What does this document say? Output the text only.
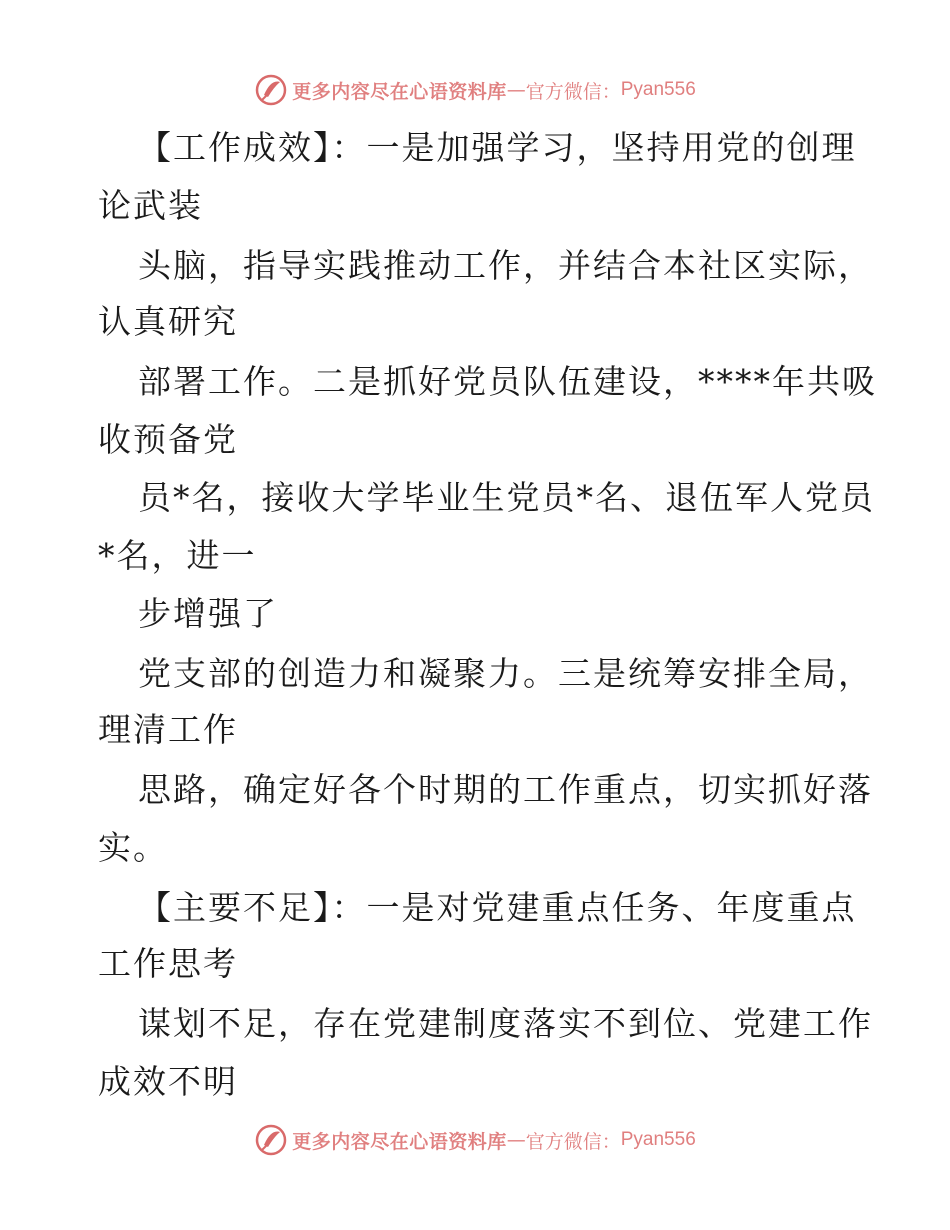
更多内容尽在心语资料库 — 官方微信： Pyan556
【工作成效】：一是加强学习，坚持用党的创理
论武装
头脑，指导实践推动工作，并结合本社区实际，
认真研究
部署工作。二是抓好党员队伍建设，****年共吸
收预备党
员*名，接收大学毕业生党员*名、退伍军人党员
*名，进一
步增强了
党支部的创造力和凝聚力。三是统筹安排全局，
理清工作
思路，确定好各个时期的工作重点，切实抓好落
实。
【主要不足】：一是对党建重点任务、年度重点
工作思考
谋划不足，存在党建制度落实不到位、党建工作
成效不明
更多内容尽在心语资料库 — 官方微信： Pyan556
